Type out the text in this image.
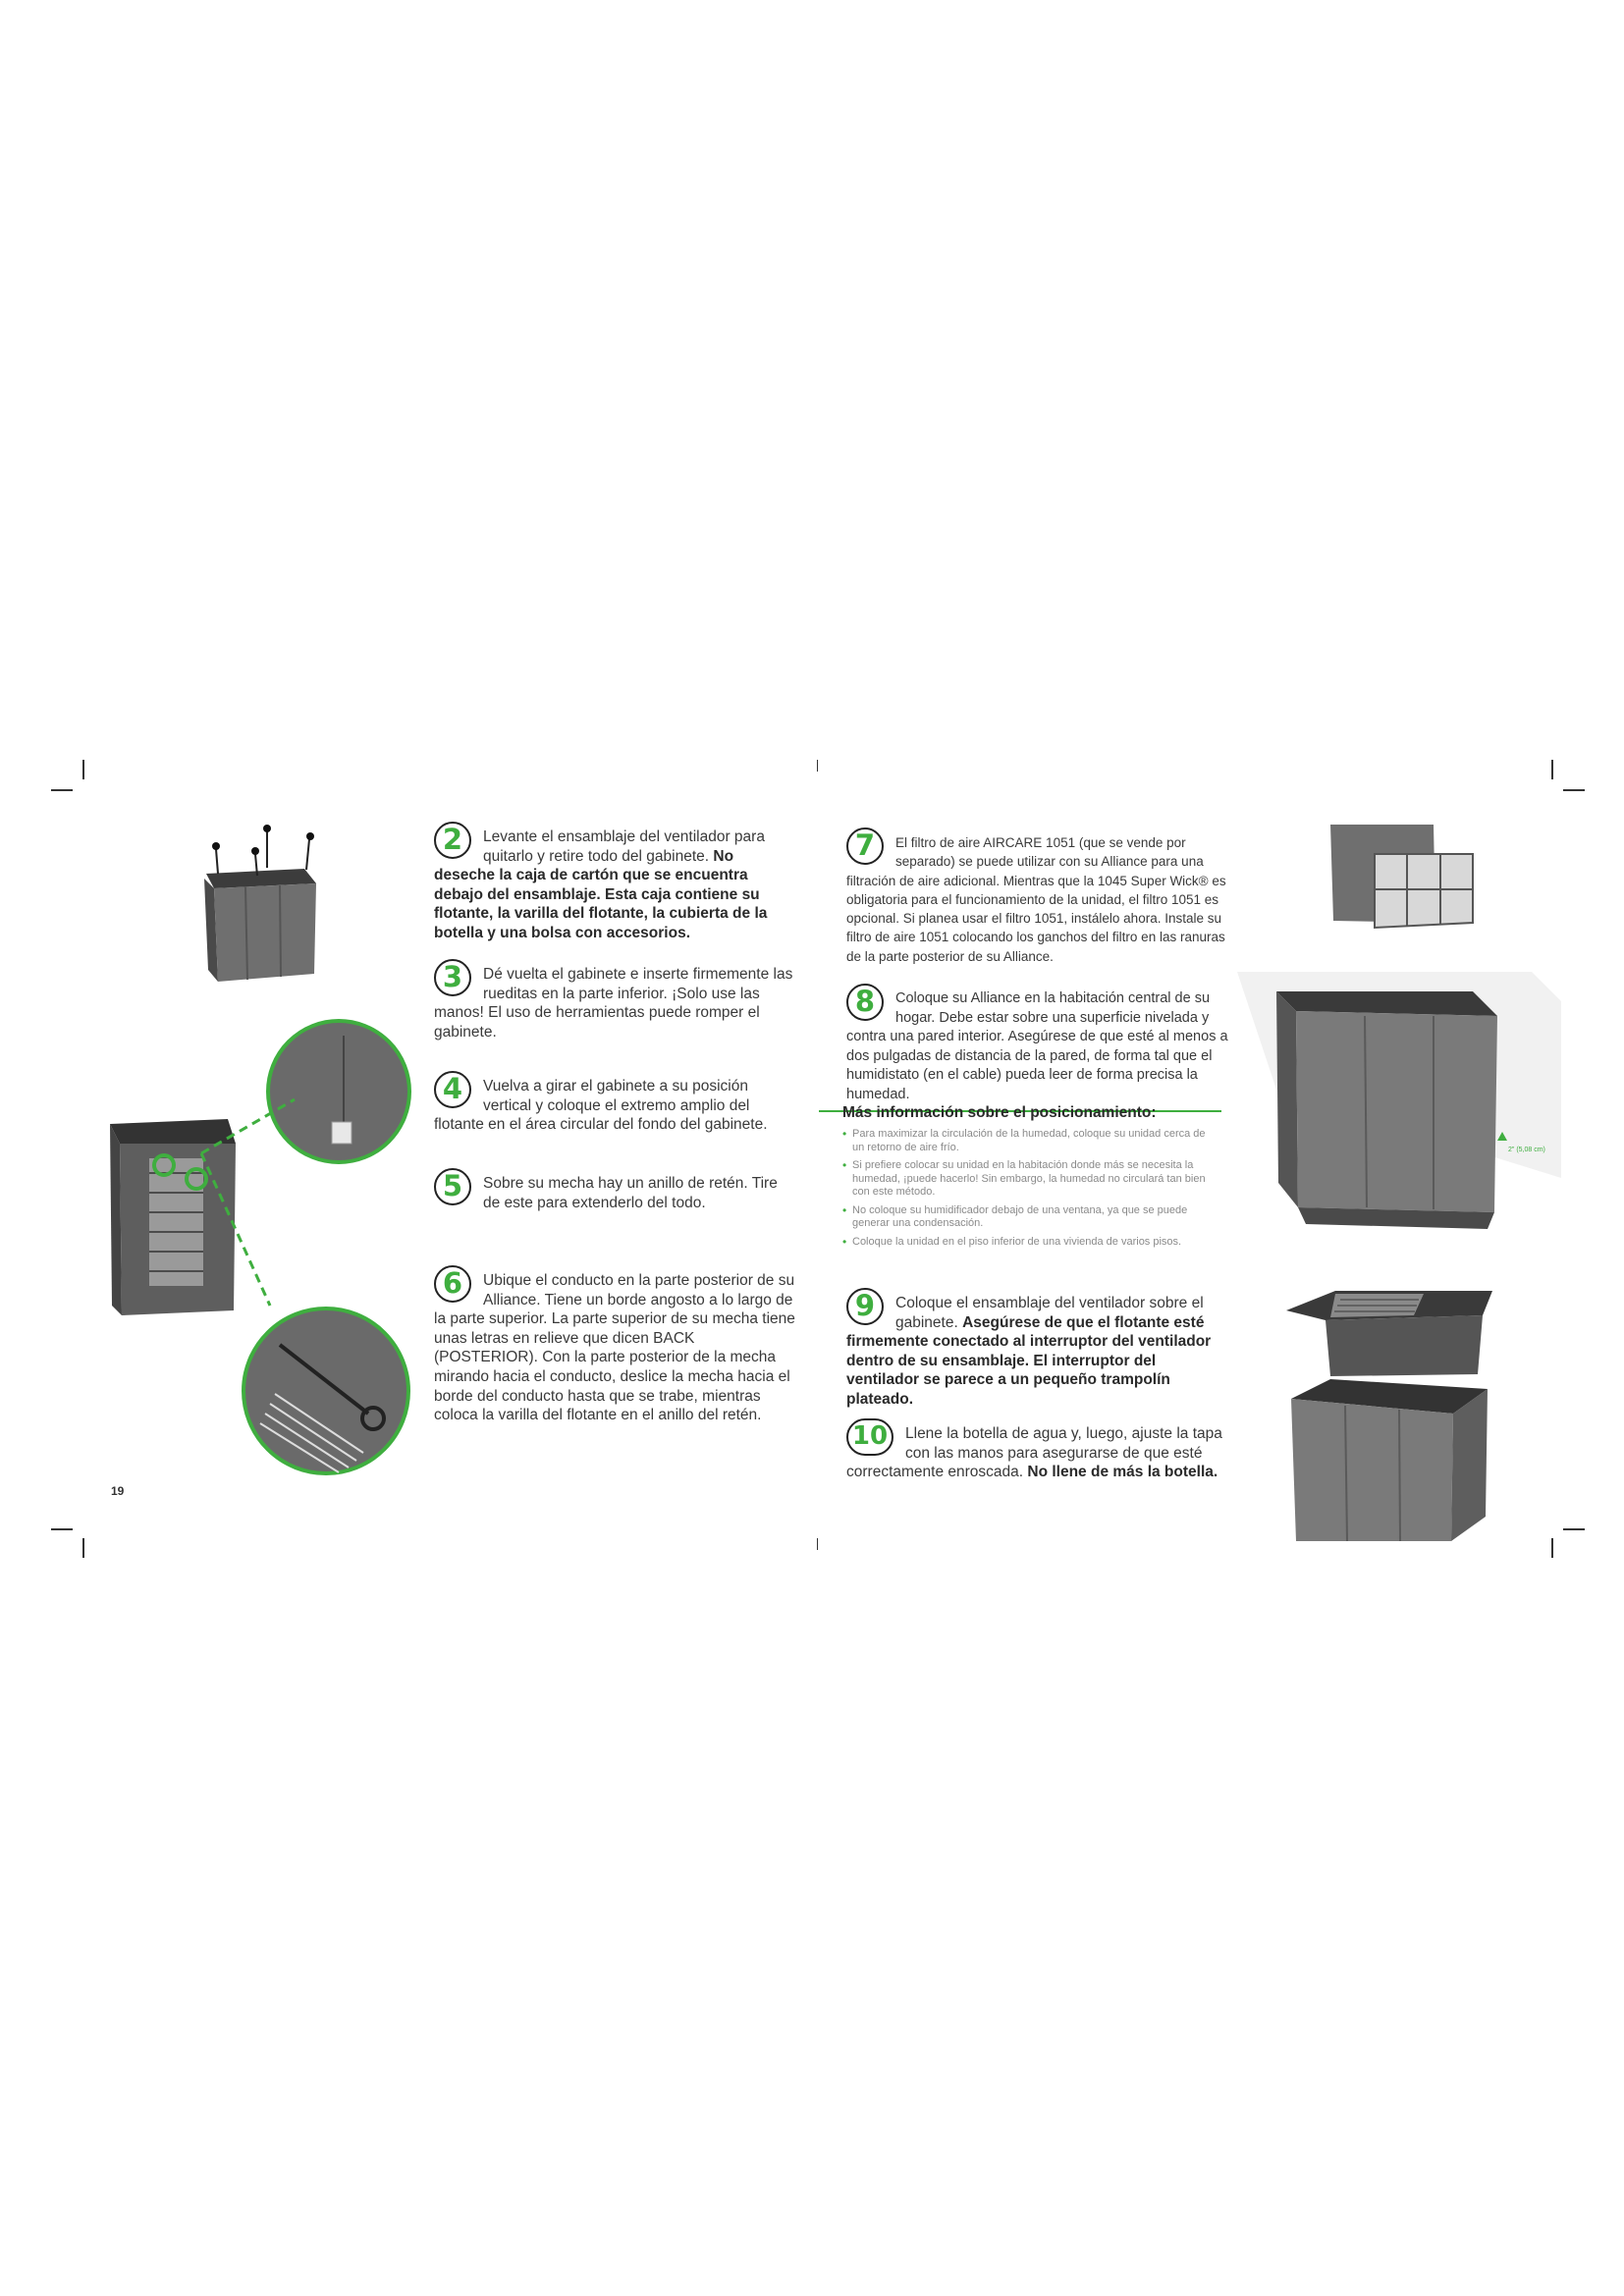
2" (5,08 cm)
2	Levante el ensamblaje del ventilador para quitarlo y retire todo del gabinete. No deseche la caja de cartón que se encuentra debajo del ensamblaje. Esta caja contiene su flotante, la varilla del flotante, la cubierta de la botella y una bolsa con accesorios.

3	Dé vuelta el gabinete e inserte firmemente las rueditas en la parte inferior. ¡Solo use las manos! El uso de herramientas puede romper el gabinete.

4	Vuelva a girar el gabinete a su posición vertical y coloque el extremo amplio del flotante en el área circular del fondo del gabinete.

5	Sobre su mecha hay un anillo de retén. Tire de este para extenderlo del todo.

6	Ubique el conducto en la parte posterior de su Alliance. Tiene un borde angosto a lo largo de la parte superior. La parte superior de su mecha tiene unas letras en relieve que dicen BACK (POSTERIOR). Con la parte posterior de la mecha mirando hacia el conducto, deslice la mecha hacia el borde del conducto hasta que se trabe, mientras coloca la varilla del flotante en el anillo del retén.

19
7	El filtro de aire AIRCARE 1051 (que se vende por separado) se puede utilizar con su Alliance para una filtración de aire adicional. Mientras que la 1045 Super Wick® es obligatoria para el funcionamiento de la unidad, el filtro 1051 es opcional. Si planea usar el filtro 1051, instálelo ahora. Instale su filtro de aire 1051 colocando los ganchos del filtro en las ranuras de la parte posterior de su Alliance.

8	Coloque su Alliance en la habitación central de su hogar. Debe estar sobre una superficie nivelada y contra una pared interior. Asegúrese de que esté al menos a dos pulgadas de distancia de la pared, de forma tal que el humidistato (en el cable) pueda leer de forma precisa la humedad.

Más información sobre el posicionamiento:
• Para maximizar la circulación de la humedad, coloque su unidad cerca de un retorno de aire frío.
• Si prefiere colocar su unidad en la habitación donde más se necesita la humedad, ¡puede hacerlo! Sin embargo, la humedad no circulará tan bien con este método.
• No coloque su humidificador debajo de una ventana, ya que se puede generar una condensación.
• Coloque la unidad en el piso inferior de una vivienda de varios pisos.
9	Coloque el ensamblaje del ventilador sobre el gabinete. Asegúrese de que el flotante esté firmemente conectado al interruptor del ventilador dentro de su ensamblaje. El interruptor del ventilador se parece a un pequeño trampolín plateado.

10	Llene la botella de agua y, luego, ajuste la tapa con las manos para asegurarse de que esté correctamente enroscada. No llene de más la botella.
